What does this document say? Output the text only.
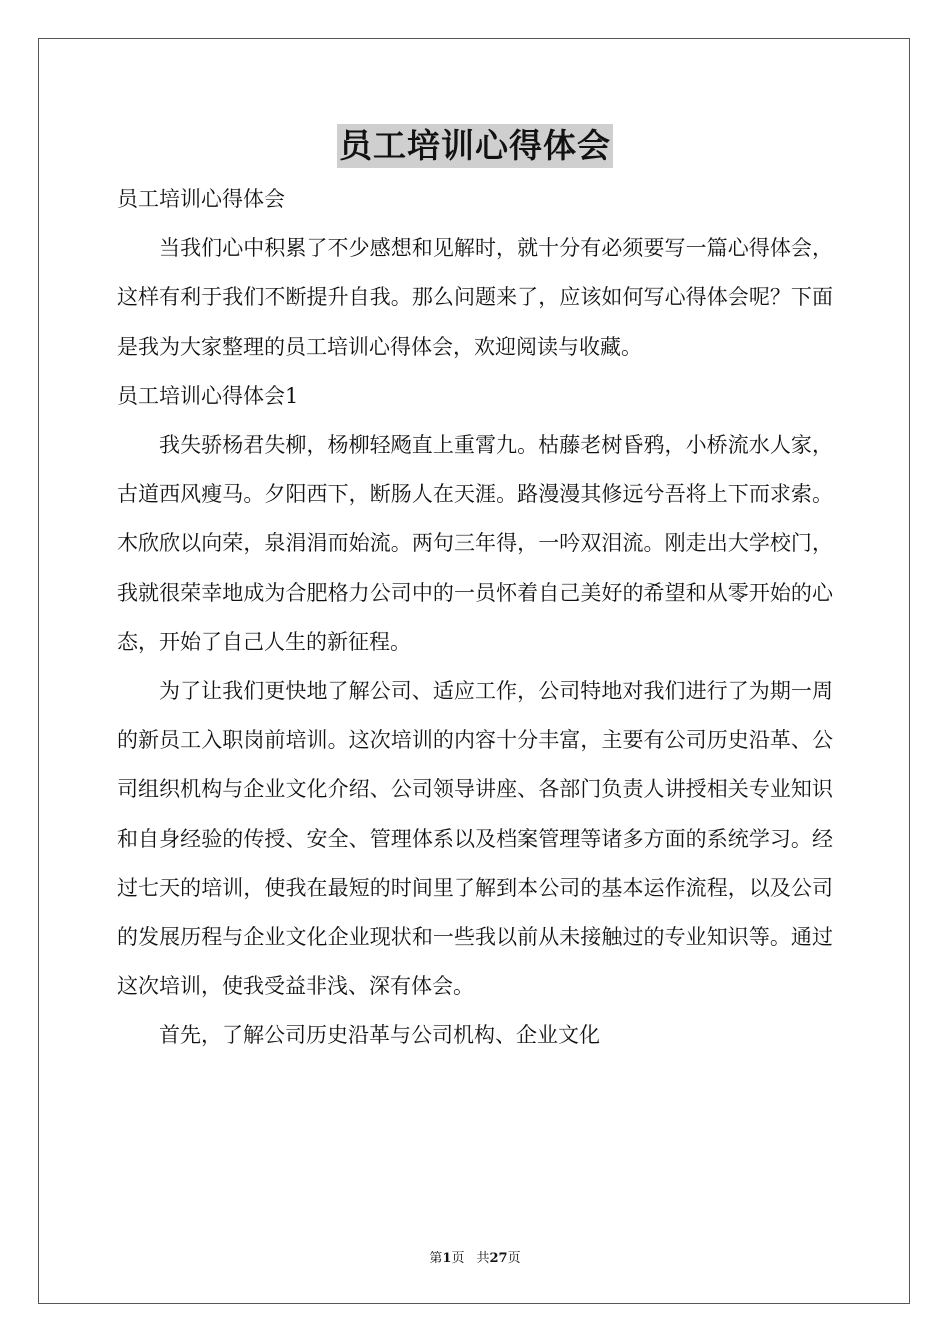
员工培训心得体会

员工培训心得体会

当我们心中积累了不少感想和见解时，就十分有必须要写一篇心得体会，这样有利于我们不断提升自我。那么问题来了，应该如何写心得体会呢？下面是我为大家整理的员工培训心得体会，欢迎阅读与收藏。

员工培训心得体会1

我失骄杨君失柳，杨柳轻飏直上重霄九。枯藤老树昏鸦，小桥流水人家，古道西风瘦马。夕阳西下，断肠人在天涯。路漫漫其修远兮吾将上下而求索。木欣欣以向荣，泉涓涓而始流。两句三年得，一吟双泪流。刚走出大学校门，我就很荣幸地成为合肥格力公司中的一员怀着自己美好的希望和从零开始的心态，开始了自己人生的新征程。

为了让我们更快地了解公司、适应工作，公司特地对我们进行了为期一周的新员工入职岗前培训。这次培训的内容十分丰富，主要有公司历史沿革、公司组织机构与企业文化介绍、公司领导讲座、各部门负责人讲授相关专业知识和自身经验的传授、安全、管理体系以及档案管理等诸多方面的系统学习。经过七天的培训，使我在最短的时间里了解到本公司的基本运作流程，以及公司的发展历程与企业文化企业现状和一些我以前从未接触过的专业知识等。通过这次培训，使我受益非浅、深有体会。

首先，了解公司历史沿革与公司机构、企业文化

第1页 共27页
